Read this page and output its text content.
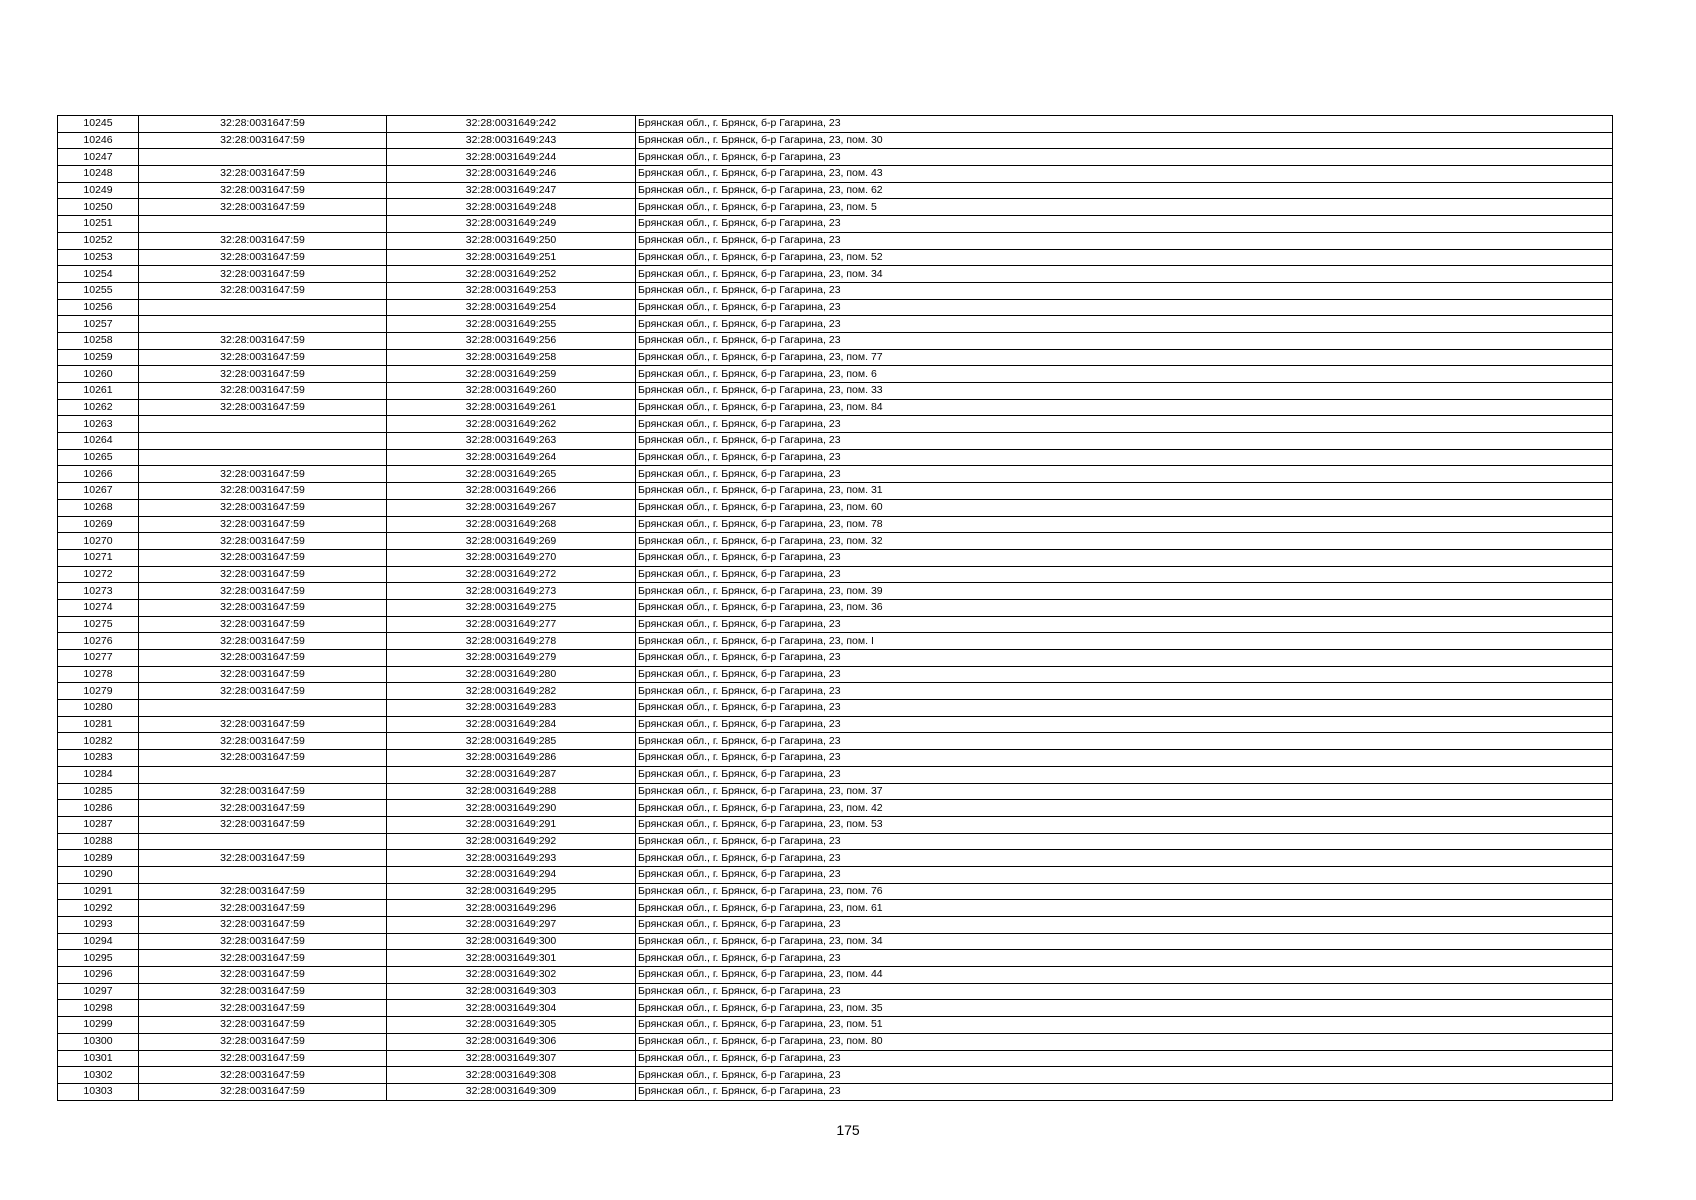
10245	32:28:0031647:59	32:28:0031649:242	Брянская обл., г. Брянск, б-р Гагарина, 23
10246	32:28:0031647:59	32:28:0031649:243	Брянская обл., г. Брянск, б-р Гагарина, 23, пом. 30
10247		32:28:0031649:244	Брянская обл., г. Брянск, б-р Гагарина, 23
10248	32:28:0031647:59	32:28:0031649:246	Брянская обл., г. Брянск, б-р Гагарина, 23, пом. 43
10249	32:28:0031647:59	32:28:0031649:247	Брянская обл., г. Брянск, б-р Гагарина, 23, пом. 62
10250	32:28:0031647:59	32:28:0031649:248	Брянская обл., г. Брянск, б-р Гагарина, 23, пом. 5
10251		32:28:0031649:249	Брянская обл., г. Брянск, б-р Гагарина, 23
10252	32:28:0031647:59	32:28:0031649:250	Брянская обл., г. Брянск, б-р Гагарина, 23
10253	32:28:0031647:59	32:28:0031649:251	Брянская обл., г. Брянск, б-р Гагарина, 23, пом. 52
10254	32:28:0031647:59	32:28:0031649:252	Брянская обл., г. Брянск, б-р Гагарина, 23, пом. 34
10255	32:28:0031647:59	32:28:0031649:253	Брянская обл., г. Брянск, б-р Гагарина, 23
10256		32:28:0031649:254	Брянская обл., г. Брянск, б-р Гагарина, 23
10257		32:28:0031649:255	Брянская обл., г. Брянск, б-р Гагарина, 23
10258	32:28:0031647:59	32:28:0031649:256	Брянская обл., г. Брянск, б-р Гагарина, 23
10259	32:28:0031647:59	32:28:0031649:258	Брянская обл., г. Брянск, б-р Гагарина, 23, пом. 77
10260	32:28:0031647:59	32:28:0031649:259	Брянская обл., г. Брянск, б-р Гагарина, 23, пом. 6
10261	32:28:0031647:59	32:28:0031649:260	Брянская обл., г. Брянск, б-р Гагарина, 23, пом. 33
10262	32:28:0031647:59	32:28:0031649:261	Брянская обл., г. Брянск, б-р Гагарина, 23, пом. 84
10263		32:28:0031649:262	Брянская обл., г. Брянск, б-р Гагарина, 23
10264		32:28:0031649:263	Брянская обл., г. Брянск, б-р Гагарина, 23
10265		32:28:0031649:264	Брянская обл., г. Брянск, б-р Гагарина, 23
10266	32:28:0031647:59	32:28:0031649:265	Брянская обл., г. Брянск, б-р Гагарина, 23
10267	32:28:0031647:59	32:28:0031649:266	Брянская обл., г. Брянск, б-р Гагарина, 23, пом. 31
10268	32:28:0031647:59	32:28:0031649:267	Брянская обл., г. Брянск, б-р Гагарина, 23, пом. 60
10269	32:28:0031647:59	32:28:0031649:268	Брянская обл., г. Брянск, б-р Гагарина, 23, пом. 78
10270	32:28:0031647:59	32:28:0031649:269	Брянская обл., г. Брянск, б-р Гагарина, 23, пом. 32
10271	32:28:0031647:59	32:28:0031649:270	Брянская обл., г. Брянск, б-р Гагарина, 23
10272	32:28:0031647:59	32:28:0031649:272	Брянская обл., г. Брянск, б-р Гагарина, 23
10273	32:28:0031647:59	32:28:0031649:273	Брянская обл., г. Брянск, б-р Гагарина, 23, пом. 39
10274	32:28:0031647:59	32:28:0031649:275	Брянская обл., г. Брянск, б-р Гагарина, 23, пом. 36
10275	32:28:0031647:59	32:28:0031649:277	Брянская обл., г. Брянск, б-р Гагарина, 23
10276	32:28:0031647:59	32:28:0031649:278	Брянская обл., г. Брянск, б-р Гагарина, 23, пом. I
10277	32:28:0031647:59	32:28:0031649:279	Брянская обл., г. Брянск, б-р Гагарина, 23
10278	32:28:0031647:59	32:28:0031649:280	Брянская обл., г. Брянск, б-р Гагарина, 23
10279	32:28:0031647:59	32:28:0031649:282	Брянская обл., г. Брянск, б-р Гагарина, 23
10280		32:28:0031649:283	Брянская обл., г. Брянск, б-р Гагарина, 23
10281	32:28:0031647:59	32:28:0031649:284	Брянская обл., г. Брянск, б-р Гагарина, 23
10282	32:28:0031647:59	32:28:0031649:285	Брянская обл., г. Брянск, б-р Гагарина, 23
10283	32:28:0031647:59	32:28:0031649:286	Брянская обл., г. Брянск, б-р Гагарина, 23
10284		32:28:0031649:287	Брянская обл., г. Брянск, б-р Гагарина, 23
10285	32:28:0031647:59	32:28:0031649:288	Брянская обл., г. Брянск, б-р Гагарина, 23, пом. 37
10286	32:28:0031647:59	32:28:0031649:290	Брянская обл., г. Брянск, б-р Гагарина, 23, пом. 42
10287	32:28:0031647:59	32:28:0031649:291	Брянская обл., г. Брянск, б-р Гагарина, 23, пом. 53
10288		32:28:0031649:292	Брянская обл., г. Брянск, б-р Гагарина, 23
10289	32:28:0031647:59	32:28:0031649:293	Брянская обл., г. Брянск, б-р Гагарина, 23
10290		32:28:0031649:294	Брянская обл., г. Брянск, б-р Гагарина, 23
10291	32:28:0031647:59	32:28:0031649:295	Брянская обл., г. Брянск, б-р Гагарина, 23, пом. 76
10292	32:28:0031647:59	32:28:0031649:296	Брянская обл., г. Брянск, б-р Гагарина, 23, пом. 61
10293	32:28:0031647:59	32:28:0031649:297	Брянская обл., г. Брянск, б-р Гагарина, 23
10294	32:28:0031647:59	32:28:0031649:300	Брянская обл., г. Брянск, б-р Гагарина, 23, пом. 34
10295	32:28:0031647:59	32:28:0031649:301	Брянская обл., г. Брянск, б-р Гагарина, 23
10296	32:28:0031647:59	32:28:0031649:302	Брянская обл., г. Брянск, б-р Гагарина, 23, пом. 44
10297	32:28:0031647:59	32:28:0031649:303	Брянская обл., г. Брянск, б-р Гагарина, 23
10298	32:28:0031647:59	32:28:0031649:304	Брянская обл., г. Брянск, б-р Гагарина, 23, пом. 35
10299	32:28:0031647:59	32:28:0031649:305	Брянская обл., г. Брянск, б-р Гагарина, 23, пом. 51
10300	32:28:0031647:59	32:28:0031649:306	Брянская обл., г. Брянск, б-р Гагарина, 23, пом. 80
10301	32:28:0031647:59	32:28:0031649:307	Брянская обл., г. Брянск, б-р Гагарина, 23
10302	32:28:0031647:59	32:28:0031649:308	Брянская обл., г. Брянск, б-р Гагарина, 23
10303	32:28:0031647:59	32:28:0031649:309	Брянская обл., г. Брянск, б-р Гагарина, 23
175
